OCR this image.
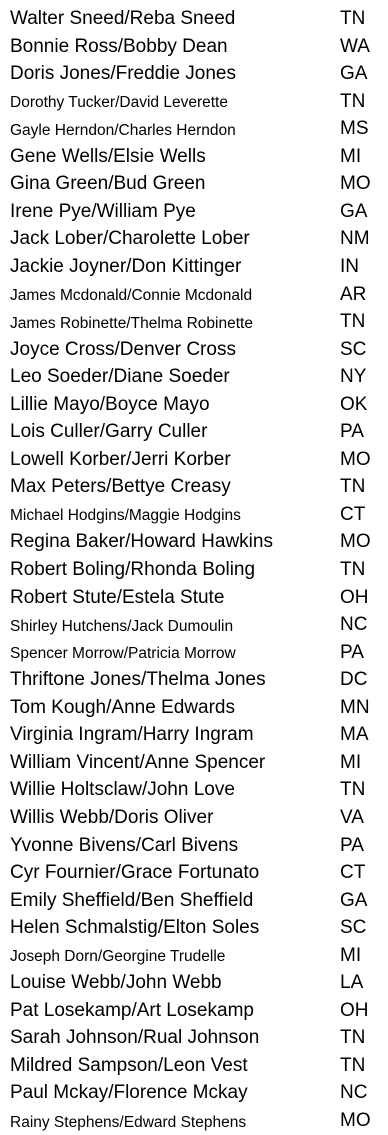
Walter Sneed/Reba Sneed	TN
Bonnie Ross/Bobby Dean	WA
Doris Jones/Freddie Jones	GA
Dorothy Tucker/David Leverette	TN
Gayle Herndon/Charles Herndon	MS
Gene Wells/Elsie Wells	MI
Gina Green/Bud Green	MO
Irene Pye/William Pye	GA
Jack Lober/Charolette Lober	NM
Jackie Joyner/Don Kittinger	IN
James Mcdonald/Connie Mcdonald	AR
James Robinette/Thelma Robinette	TN
Joyce Cross/Denver Cross	SC
Leo Soeder/Diane Soeder	NY
Lillie Mayo/Boyce Mayo	OK
Lois Culler/Garry Culler	PA
Lowell Korber/Jerri Korber	MO
Max Peters/Bettye Creasy	TN
Michael Hodgins/Maggie Hodgins	CT
Regina Baker/Howard Hawkins	MO
Robert Boling/Rhonda Boling	TN
Robert Stute/Estela Stute	OH
Shirley Hutchens/Jack Dumoulin	NC
Spencer Morrow/Patricia Morrow	PA
Thriftone Jones/Thelma Jones	DC
Tom Kough/Anne Edwards	MN
Virginia Ingram/Harry Ingram	MA
William Vincent/Anne Spencer	MI
Willie Holtsclaw/John Love	TN
Willis Webb/Doris Oliver	VA
Yvonne Bivens/Carl Bivens	PA
Cyr Fournier/Grace Fortunato	CT
Emily Sheffield/Ben Sheffield	GA
Helen Schmalstig/Elton Soles	SC
Joseph Dorn/Georgine Trudelle	MI
Louise Webb/John Webb	LA
Pat Losekamp/Art Losekamp	OH
Sarah Johnson/Rual Johnson	TN
Mildred Sampson/Leon Vest	TN
Paul Mckay/Florence Mckay	NC
Rainy Stephens/Edward Stephens	MO
